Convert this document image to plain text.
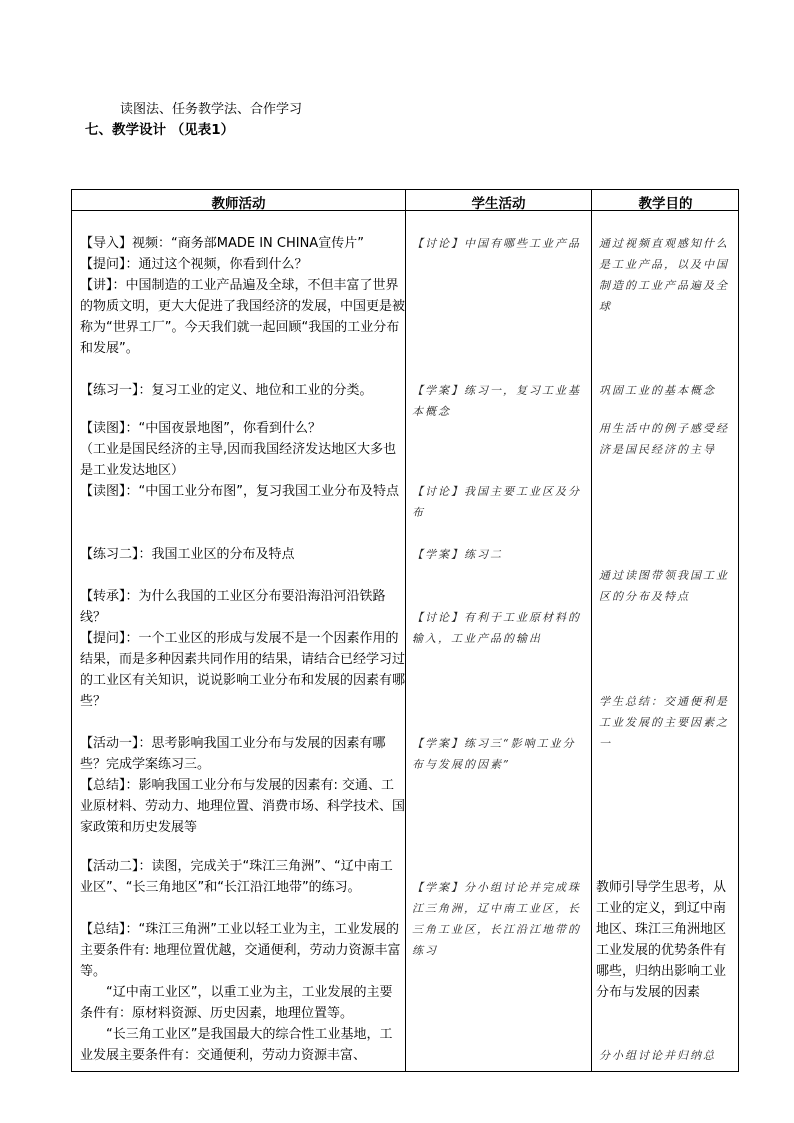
读图法、任务教学法、合作学习
七、教学设计 （见表1）
教师活动	学生活动	教学目的
【导入】视频：“商务部MADE IN CHINA宣传片”
【提问】：通过这个视频，你看到什么？
【讲】：中国制造的工业产品遍及全球，不但丰富了世界的物质文明，更大大促进了我国经济的发展，中国更是被称为“世界工厂”。今天我们就一起回顾“我国的工业分布和发展”。
【练习一】：复习工业的定义、地位和工业的分类。
【读图】：“中国夜景地图”，你看到什么？
（工业是国民经济的主导,因而我国经济发达地区大多也是工业发达地区）
【读图】：“中国工业分布图”，复习我国工业分布及特点
【练习二】：我国工业区的分布及特点
【转承】：为什么我国的工业区分布要沿海沿河沿铁路线？
【提问】：一个工业区的形成与发展不是一个因素作用的结果，而是多种因素共同作用的结果，请结合已经学习过的工业区有关知识，说说影响工业分布和发展的因素有哪些？
【活动一】：思考影响我国工业分布与发展的因素有哪些？完成学案练习三。
【总结】：影响我国工业分布与发展的因素有: 交通、工业原材料、劳动力、地理位置、消费市场、科学技术、国家政策和历史发展等
【活动二】：读图，完成关于“珠江三角洲”、“辽中南工业区”、“长三角地区”和“长江沿江地带”的练习。
【总结】：“珠江三角洲”工业以轻工业为主，工业发展的主要条件有: 地理位置优越，交通便利，劳动力资源丰富等。
“辽中南工业区”，以重工业为主，工业发展的主要条件有：原材料资源、历史因素，地理位置等。
“长三角工业区”是我国最大的综合性工业基地，工业发展主要条件有：交通便利，劳动力资源丰富、
【讨论】中国有哪些工业产品
【学案】练习一，复习工业基本概念
【讨论】我国主要工业区及分布
【学案】练习二
【讨论】有利于工业原材料的输入，工业产品的输出
【学案】练习三“影响工业分布与发展的因素”
【学案】分小组讨论并完成珠江三角洲，辽中南工业区，长三角工业区，长江沿江地带的练习
通过视频直观感知什么是工业产品，以及中国制造的工业产品遍及全球
巩固工业的基本概念
用生活中的例子感受经济是国民经济的主导
通过读图带领我国工业区的分布及特点
学生总结：交通便利是工业发展的主要因素之一
教师引导学生思考，从工业的定义，到辽中南地区、珠江三角洲地区工业发展的优势条件有哪些，归纳出影响工业分布与发展的因素
分小组讨论并归纳总
